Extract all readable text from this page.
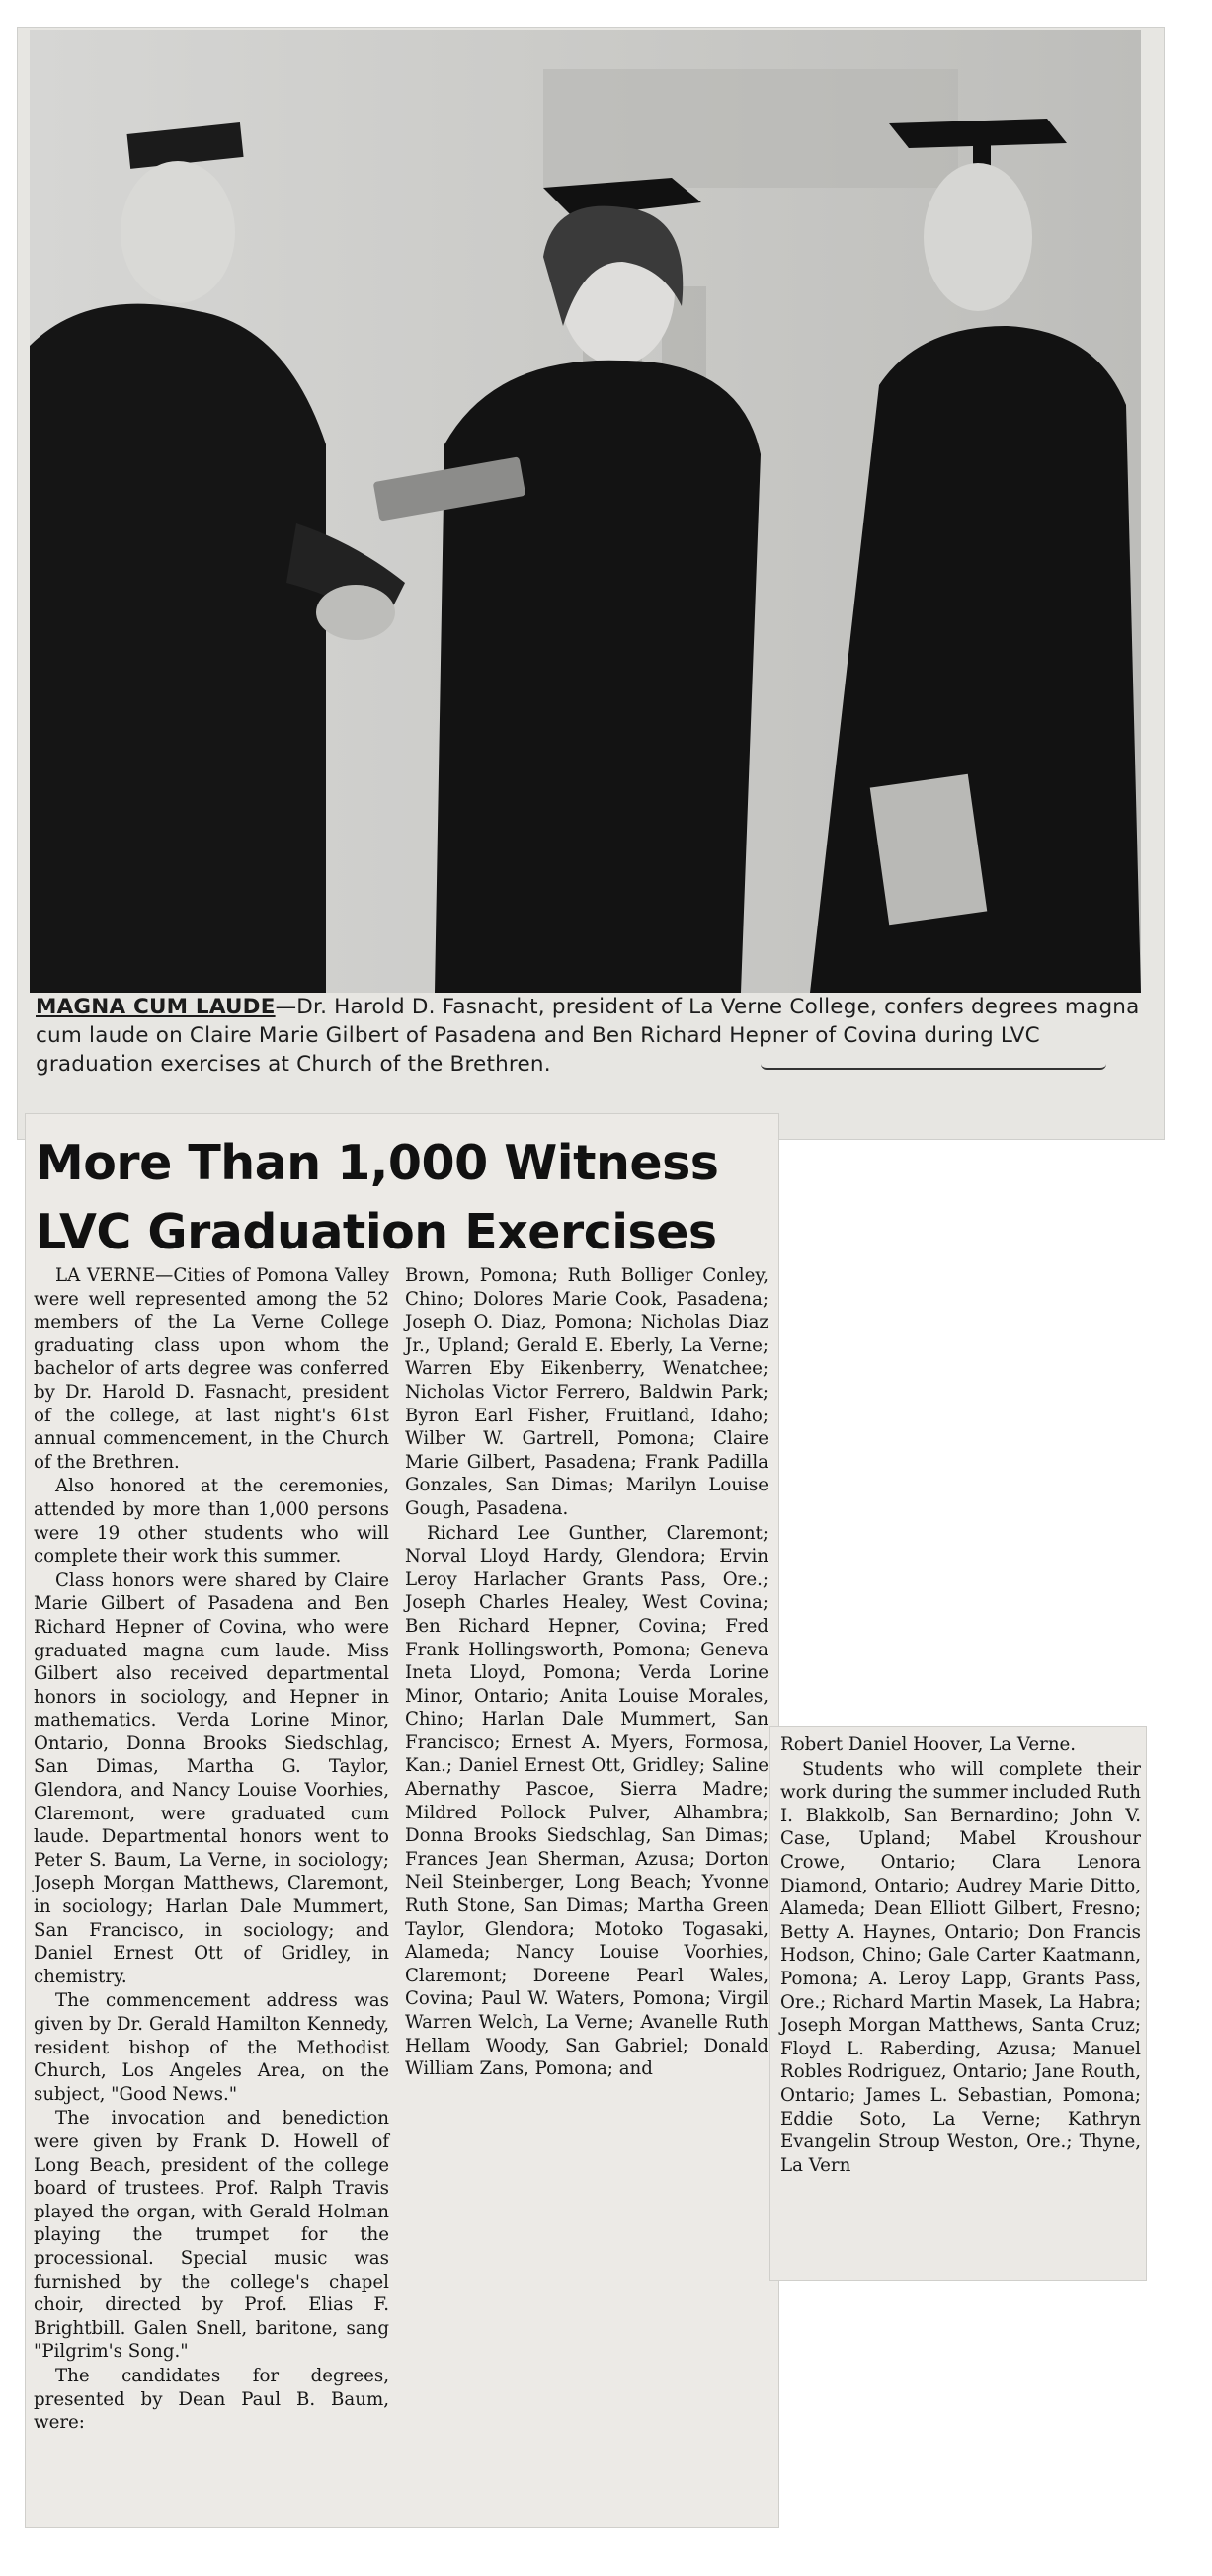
MAGNA CUM LAUDE—Dr. Harold D. Fasnacht, president of La Verne College, confers degrees magna cum laude on Claire Marie Gilbert of Pasadena and Ben Richard Hepner of Covina during LVC graduation exercises at Church of the Brethren.
More Than 1,000 Witness
LVC Graduation Exercises

LA VERNE—Cities of Pomona Valley were well represented among the 52 members of the La Verne College graduating class upon whom the bachelor of arts degree was conferred by Dr. Harold D. Fasnacht, president of the college, at last night's 61st annual commencement, in the Church of the Brethren.

Also honored at the ceremonies, attended by more than 1,000 persons were 19 other students who will complete their work this summer.

Class honors were shared by Claire Marie Gilbert of Pasadena and Ben Richard Hepner of Covina, who were graduated magna cum laude. Miss Gilbert also received departmental honors in sociology, and Hepner in mathematics. Verda Lorine Minor, Ontario, Donna Brooks Siedschlag, San Dimas, Martha G. Taylor, Glendora, and Nancy Louise Voorhies, Claremont, were graduated cum laude. Departmental honors went to Peter S. Baum, La Verne, in sociology; Joseph Morgan Matthews, Claremont, in sociology; Harlan Dale Mummert, San Francisco, in sociology; and Daniel Ernest Ott of Gridley, in chemistry.

The commencement address was given by Dr. Gerald Hamilton Kennedy, resident bishop of the Methodist Church, Los Angeles Area, on the subject, "Good News."

The invocation and benediction were given by Frank D. Howell of Long Beach, president of the college board of trustees. Prof. Ralph Travis played the organ, with Gerald Holman playing the trumpet for the processional. Special music was furnished by the college's chapel choir, directed by Prof. Elias F. Brightbill. Galen Snell, baritone, sang "Pilgrim's Song."

The candidates for degrees, presented by Dean Paul B. Baum, were:

Brown, Pomona; Ruth Bolliger Conley, Chino; Dolores Marie Cook, Pasadena; Joseph O. Diaz, Pomona; Nicholas Diaz Jr., Upland; Gerald E. Eberly, La Verne; Warren Eby Eikenberry, Wenatchee; Nicholas Victor Ferrero, Baldwin Park; Byron Earl Fisher, Fruitland, Idaho; Wilber W. Gartrell, Pomona; Claire Marie Gilbert, Pasadena; Frank Padilla Gonzales, San Dimas; Marilyn Louise Gough, Pasadena.

Richard Lee Gunther, Claremont; Norval Lloyd Hardy, Glendora; Ervin Leroy Harlacher Grants Pass, Ore.; Joseph Charles Healey, West Covina; Ben Richard Hepner, Covina; Fred Frank Hollingsworth, Pomona; Geneva Ineta Lloyd, Pomona; Verda Lorine Minor, Ontario; Anita Louise Morales, Chino; Harlan Dale Mummert, San Francisco; Ernest A. Myers, Formosa, Kan.; Daniel Ernest Ott, Gridley; Saline Abernathy Pascoe, Sierra Madre; Mildred Pollock Pulver, Alhambra; Donna Brooks Siedschlag, San Dimas; Frances Jean Sherman, Azusa; Dorton Neil Steinberger, Long Beach; Yvonne Ruth Stone, San Dimas; Martha Green Taylor, Glendora; Motoko Togasaki, Alameda; Nancy Louise Voorhies, Claremont; Doreene Pearl Wales, Covina; Paul W. Waters, Pomona; Virgil Warren Welch, La Verne; Avanelle Ruth Hellam Woody, San Gabriel; Donald William Zans, Pomona; and

Robert Daniel Hoover, La Verne.

Students who will complete their work during the summer included Ruth I. Blakkolb, San Bernardino; John V. Case, Upland; Mabel Kroushour Crowe, Ontario; Clara Lenora Diamond, Ontario; Audrey Marie Ditto, Alameda; Dean Elliott Gilbert, Fresno; Betty A. Haynes, Ontario; Don Francis Hodson, Chino; Gale Carter Kaatmann, Pomona; A. Leroy Lapp, Grants Pass, Ore.; Richard Martin Masek, La Habra; Joseph Morgan Matthews, Santa Cruz; Floyd L. Raberding, Azusa; Manuel Robles Rodriguez, Ontario; Jane Routh, Ontario; James L. Sebastian, Pomona; Eddie Soto, La Verne; Kathryn Evangelin Stroup Weston, Ore.; Thyne, La Vern
